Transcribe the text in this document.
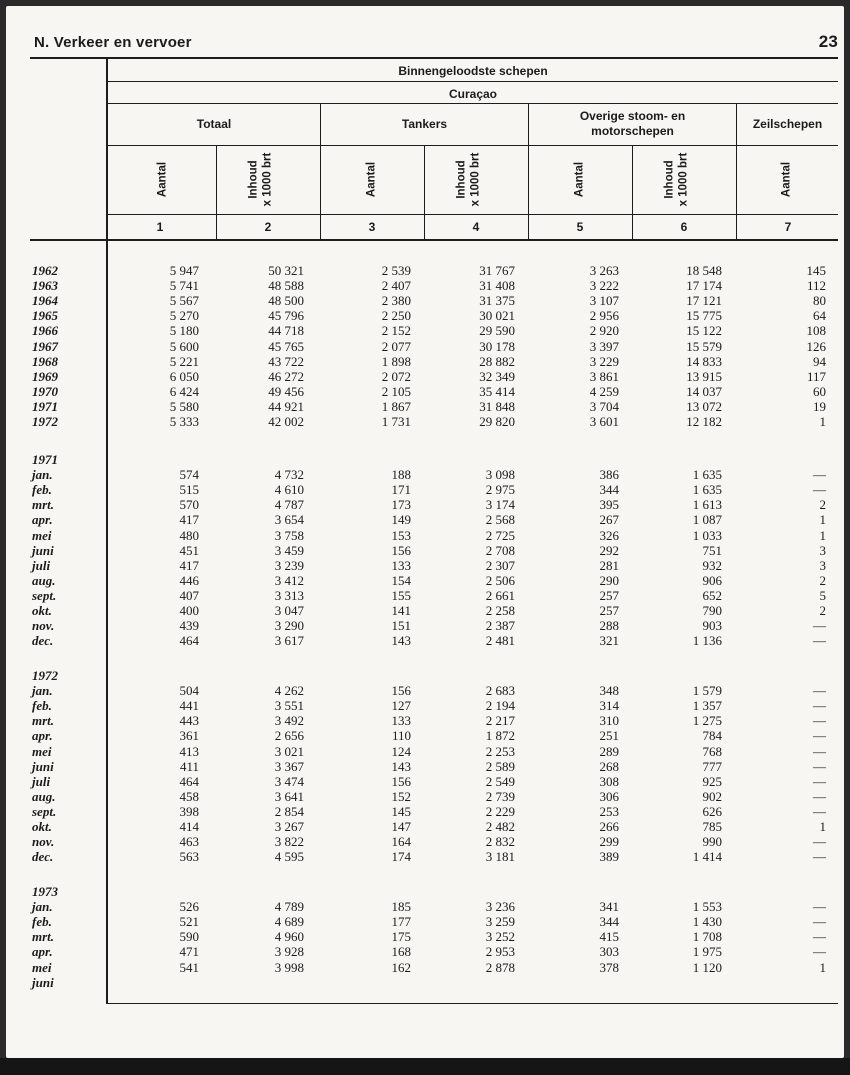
N. Verkeer en vervoer	23
Binnengeloodste schepen
Curaçao
Totaal	Tankers
Overige stoom- en
motorschepen	Zeilschepen
Aantal	Inhoud x 1000 brt	Aantal	Inhoud x 1000 brt	Aantal	Inhoud x 1000 brt	Aantal
1	2	3	4	5	6	7
1962	5 947	50 321	2 539	31 767	3 263	18 548	145
1963	5 741	48 588	2 407	31 408	3 222	17 174	112
1964	5 567	48 500	2 380	31 375	3 107	17 121	80
1965	5 270	45 796	2 250	30 021	2 956	15 775	64
1966	5 180	44 718	2 152	29 590	2 920	15 122	108
1967	5 600	45 765	2 077	30 178	3 397	15 579	126
1968	5 221	43 722	1 898	28 882	3 229	14 833	94
1969	6 050	46 272	2 072	32 349	3 861	13 915	117
1970	6 424	49 456	2 105	35 414	4 259	14 037	60
1971	5 580	44 921	1 867	31 848	3 704	13 072	19
1972	5 333	42 002	1 731	29 820	3 601	12 182	1
1971
jan.	574	4 732	188	3 098	386	1 635	—
feb.	515	4 610	171	2 975	344	1 635	—
mrt.	570	4 787	173	3 174	395	1 613	2
apr.	417	3 654	149	2 568	267	1 087	1
mei	480	3 758	153	2 725	326	1 033	1
juni	451	3 459	156	2 708	292	751	3
juli	417	3 239	133	2 307	281	932	3
aug.	446	3 412	154	2 506	290	906	2
sept.	407	3 313	155	2 661	257	652	5
okt.	400	3 047	141	2 258	257	790	2
nov.	439	3 290	151	2 387	288	903	—
dec.	464	3 617	143	2 481	321	1 136	—
1972
jan.	504	4 262	156	2 683	348	1 579	—
feb.	441	3 551	127	2 194	314	1 357	—
mrt.	443	3 492	133	2 217	310	1 275	—
apr.	361	2 656	110	1 872	251	784	—
mei	413	3 021	124	2 253	289	768	—
juni	411	3 367	143	2 589	268	777	—
juli	464	3 474	156	2 549	308	925	—
aug.	458	3 641	152	2 739	306	902	—
sept.	398	2 854	145	2 229	253	626	—
okt.	414	3 267	147	2 482	266	785	1
nov.	463	3 822	164	2 832	299	990	—
dec.	563	4 595	174	3 181	389	1 414	—
1973
jan.	526	4 789	185	3 236	341	1 553	—
feb.	521	4 689	177	3 259	344	1 430	—
mrt.	590	4 960	175	3 252	415	1 708	—
apr.	471	3 928	168	2 953	303	1 975	—
mei	541	3 998	162	2 878	378	1 120	1
juni
